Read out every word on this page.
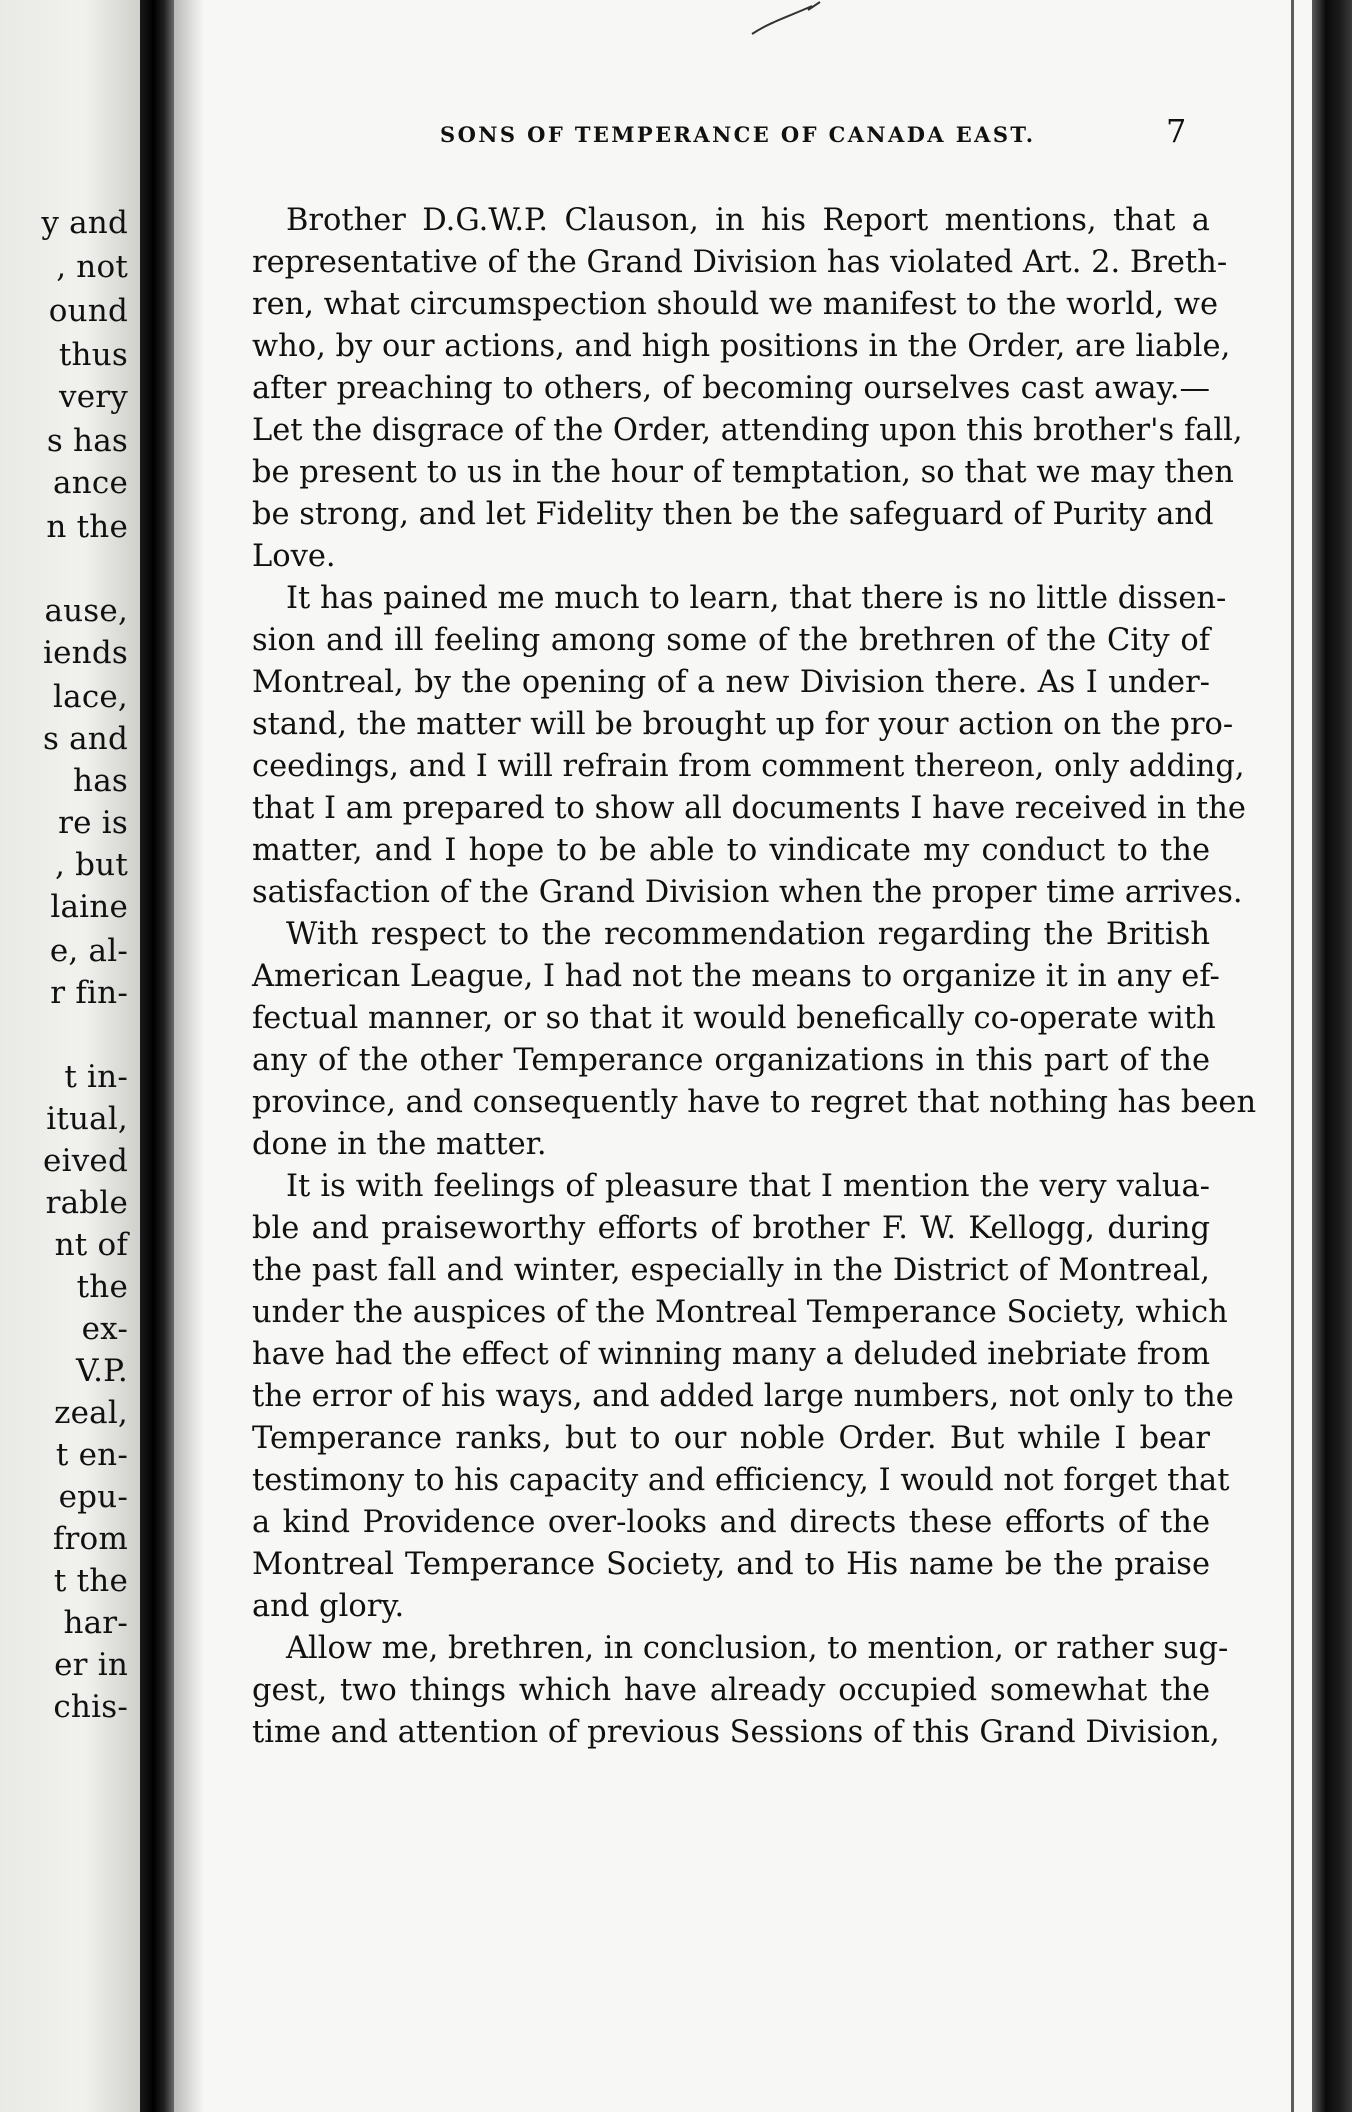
y and
, not
ound
thus
very
s has
ance
n the
ause,
iends
lace,
s and
has
re is
, but
laine
e, al-
r fin-
t in-
itual,
eived
rable
nt of
the
ex-
V.P.
zeal,
t en-
epu-
from
t the
har-
er in
chis-
SONS OF TEMPERANCE OF CANADA EAST.	7
Brother D.G.W.P. Clauson, in his Report mentions, that a
representative of the Grand Division has violated Art. 2. Breth-
ren, what circumspection should we manifest to the world, we
who, by our actions, and high positions in the Order, are liable,
after preaching to others, of becoming ourselves cast away.—
Let the disgrace of the Order, attending upon this brother's fall,
be present to us in the hour of temptation, so that we may then
be strong, and let Fidelity then be the safeguard of Purity and
Love.
It has pained me much to learn, that there is no little dissen-
sion and ill feeling among some of the brethren of the City of
Montreal, by the opening of a new Division there. As I under-
stand, the matter will be brought up for your action on the pro-
ceedings, and I will refrain from comment thereon, only adding,
that I am prepared to show all documents I have received in the
matter, and I hope to be able to vindicate my conduct to the
satisfaction of the Grand Division when the proper time arrives.
With respect to the recommendation regarding the British
American League, I had not the means to organize it in any ef-
fectual manner, or so that it would benefically co-operate with
any of the other Temperance organizations in this part of the
province, and consequently have to regret that nothing has been
done in the matter.
It is with feelings of pleasure that I mention the very valua-
ble and praiseworthy efforts of brother F. W. Kellogg, during
the past fall and winter, especially in the District of Montreal,
under the auspices of the Montreal Temperance Society, which
have had the effect of winning many a deluded inebriate from
the error of his ways, and added large numbers, not only to the
Temperance ranks, but to our noble Order. But while I bear
testimony to his capacity and efficiency, I would not forget that
a kind Providence over-looks and directs these efforts of the
Montreal Temperance Society, and to His name be the praise
and glory.
Allow me, brethren, in conclusion, to mention, or rather sug-
gest, two things which have already occupied somewhat the
time and attention of previous Sessions of this Grand Division,
